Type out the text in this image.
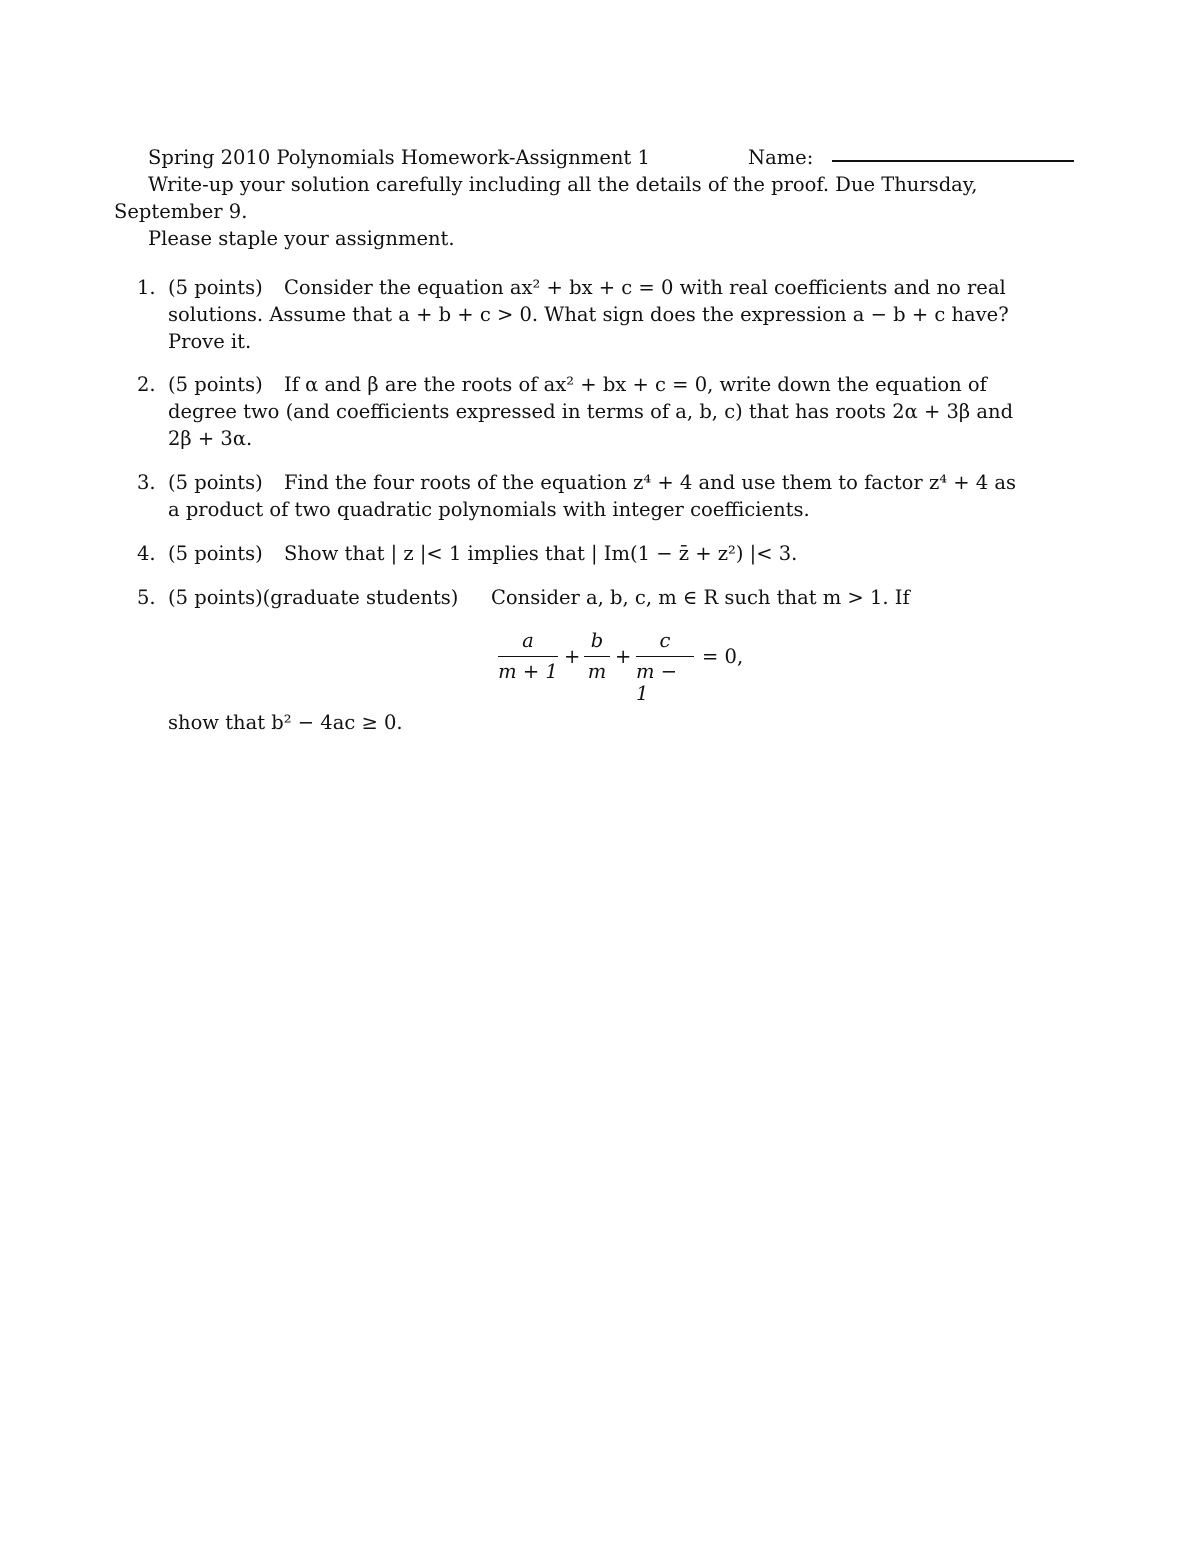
Spring 2010 Polynomials Homework-Assignment 1	Name:
Write-up your solution carefully including all the details of the proof. Due Thursday,
September 9.
Please staple your assignment.
1. (5 points) Consider the equation ax² + bx + c = 0 with real coefficients and no real
solutions. Assume that a + b + c > 0. What sign does the expression a − b + c have?
Prove it.
2. (5 points) If α and β are the roots of ax² + bx + c = 0, write down the equation of
degree two (and coefficients expressed in terms of a, b, c) that has roots 2α + 3β and
2β + 3α.
3. (5 points) Find the four roots of the equation z⁴ + 4 and use them to factor z⁴ + 4 as
a product of two quadratic polynomials with integer coefficients.
4. (5 points) Show that | z |< 1 implies that | Im(1 − z̄ + z²) |< 3.
5. (5 points)(graduate students) Consider a, b, c, m ∈ R such that m > 1. If
a
m + 1
+
b
m
+
c
m − 1
= 0,
show that b² − 4ac ≥ 0.
